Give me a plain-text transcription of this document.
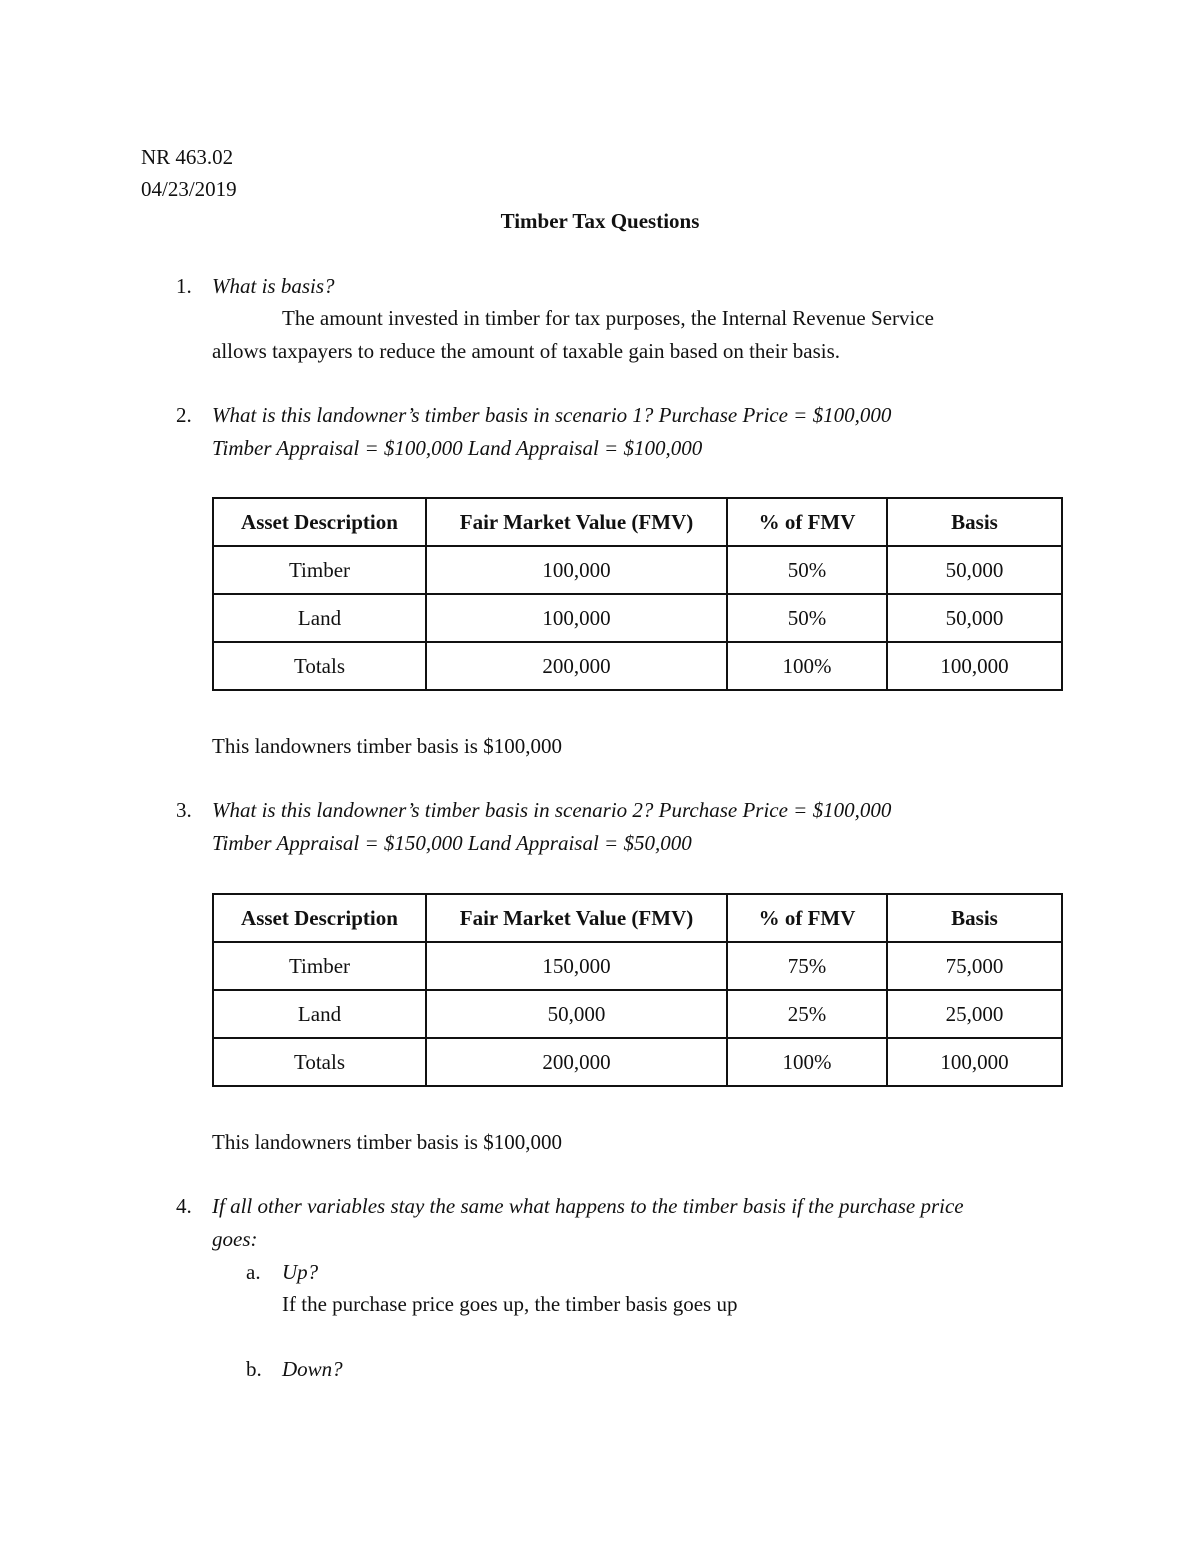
NR 463.02
04/23/2019
Timber Tax Questions
1. What is basis?
The amount invested in timber for tax purposes, the Internal Revenue Service
allows taxpayers to reduce the amount of taxable gain based on their basis.
2. What is this landowner’s timber basis in scenario 1? Purchase Price = $100,000
Timber Appraisal = $100,000 Land Appraisal = $100,000
Asset Description	Fair Market Value (FMV)	% of FMV	Basis
Timber	100,000	50%	50,000
Land	100,000	50%	50,000
Totals	200,000	100%	100,000
This landowners timber basis is $100,000
3. What is this landowner’s timber basis in scenario 2? Purchase Price = $100,000
Timber Appraisal = $150,000 Land Appraisal = $50,000
Asset Description	Fair Market Value (FMV)	% of FMV	Basis
Timber	150,000	75%	75,000
Land	50,000	25%	25,000
Totals	200,000	100%	100,000
This landowners timber basis is $100,000
4. If all other variables stay the same what happens to the timber basis if the purchase price
goes:
a. Up?
If the purchase price goes up, the timber basis goes up
b. Down?
